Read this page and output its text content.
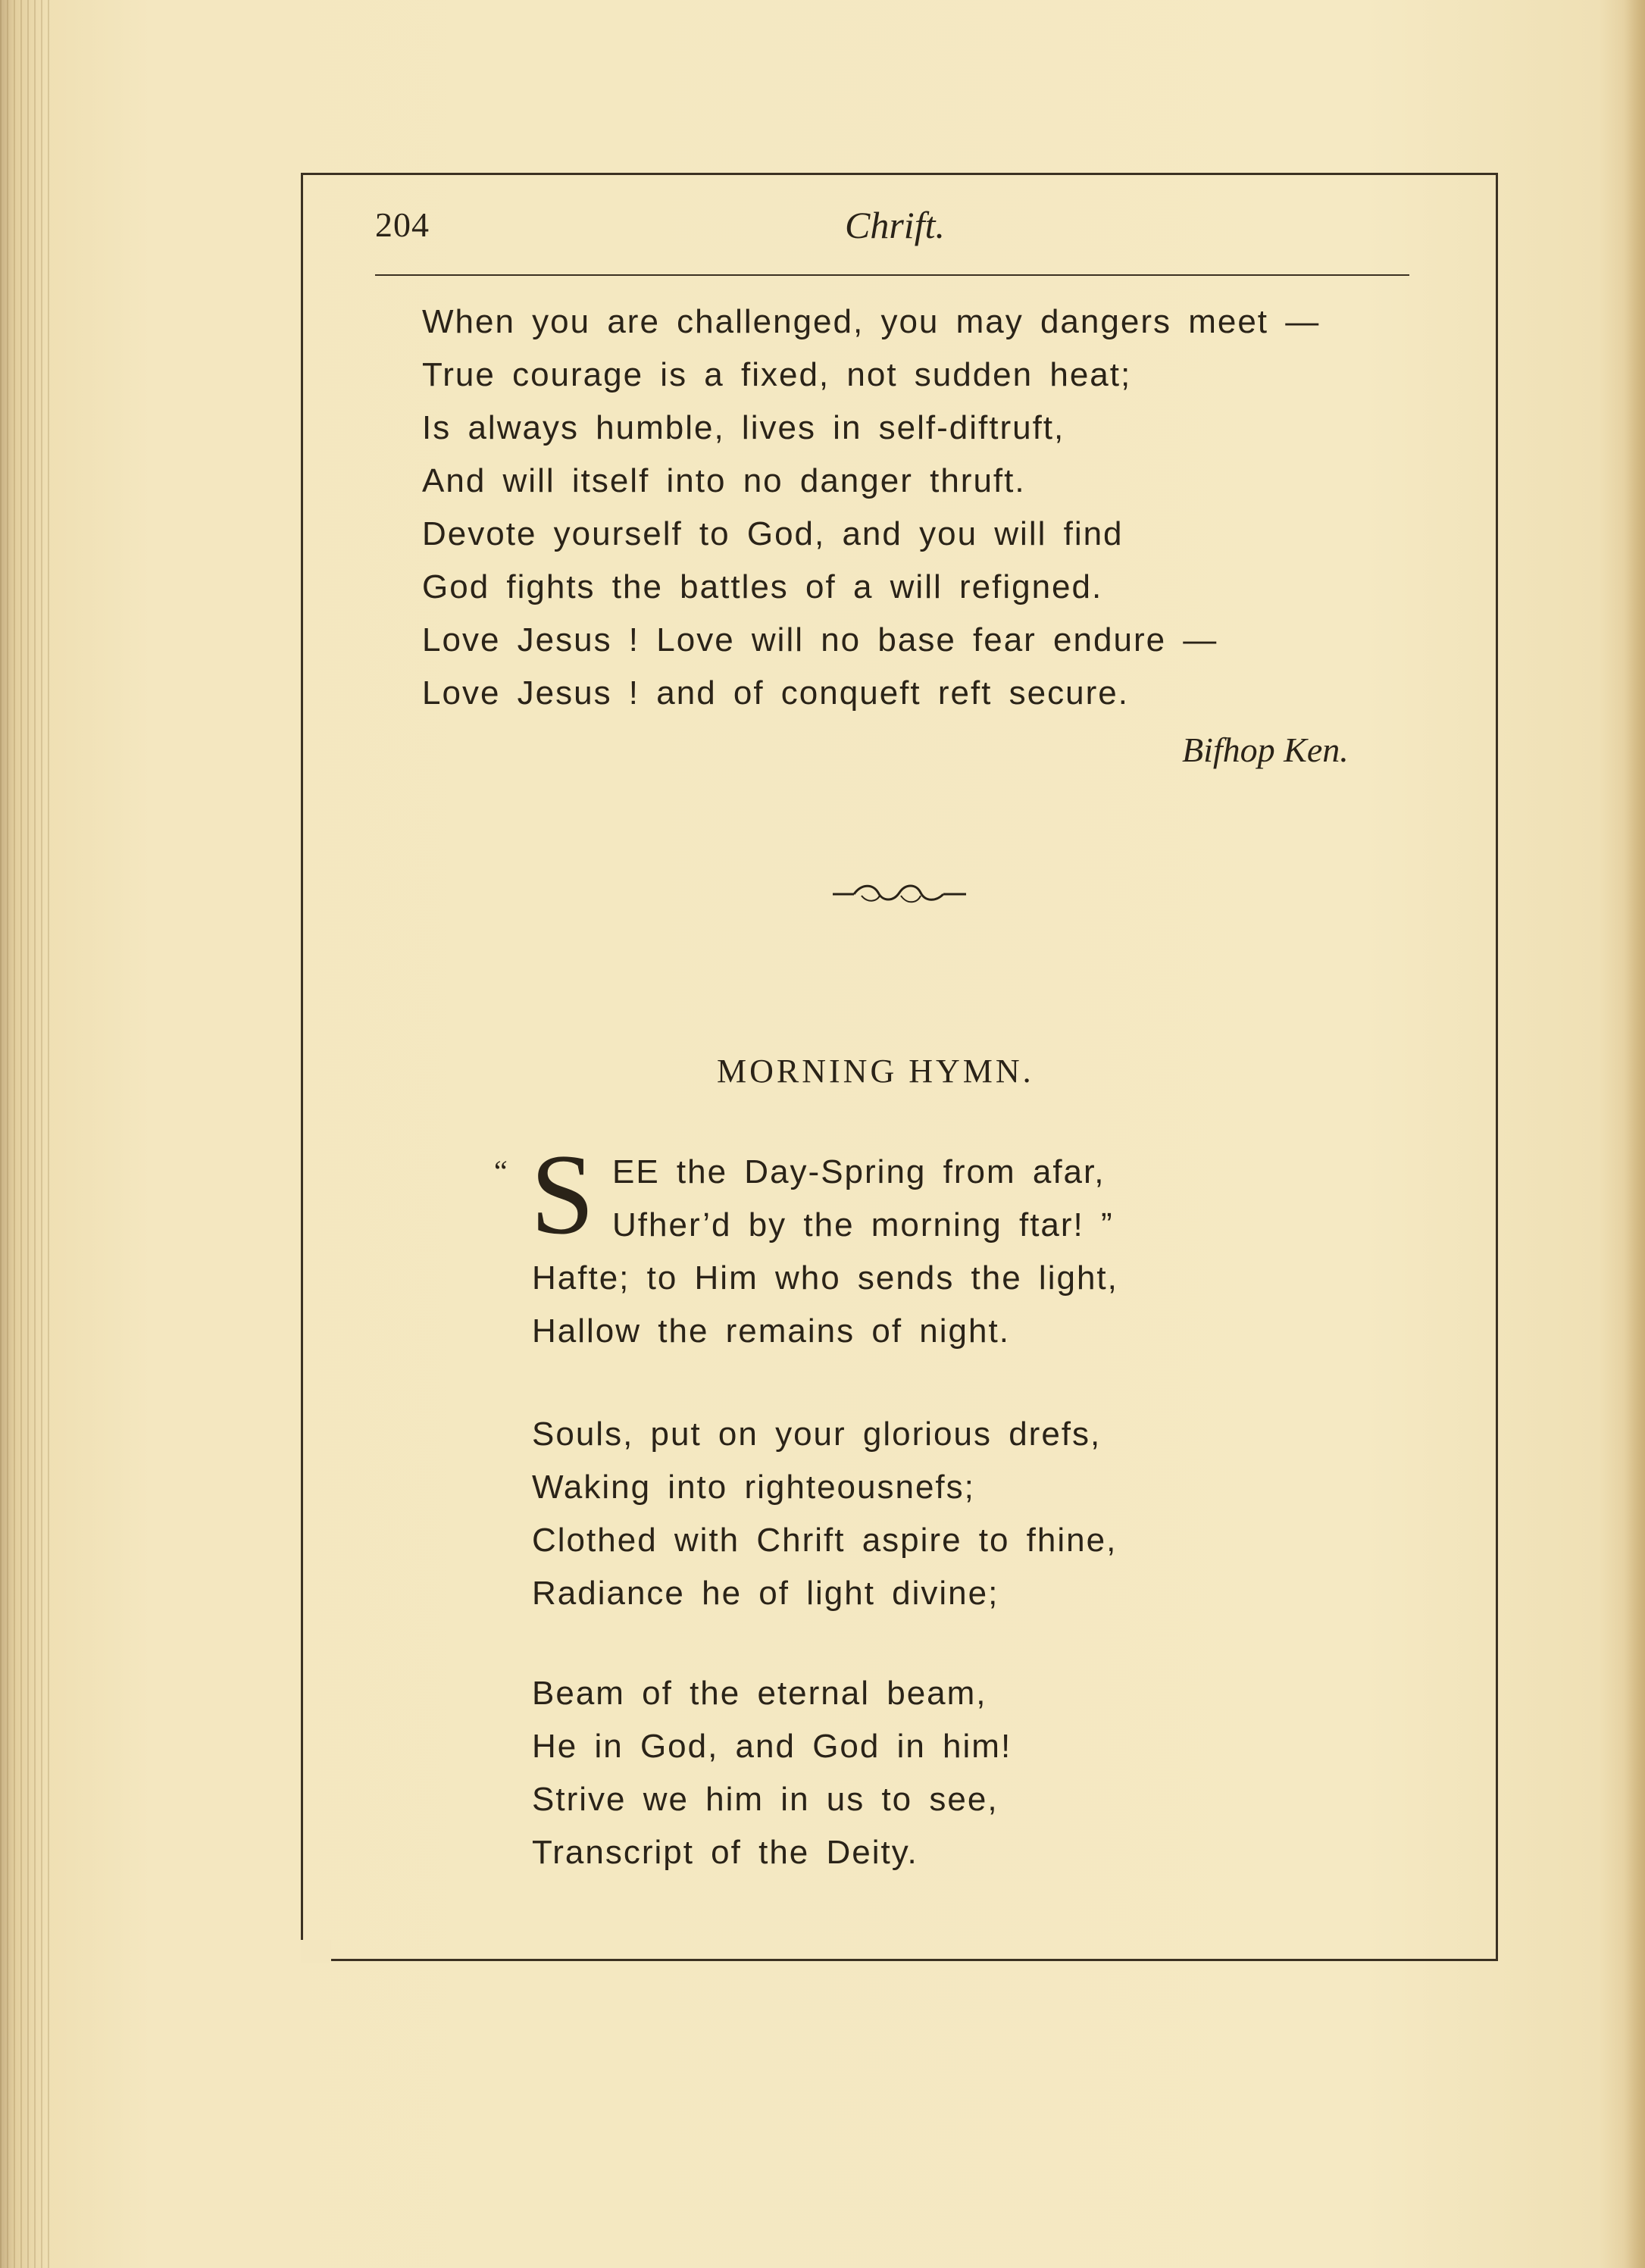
204	Chrift.
When you are challenged, you may dangers meet —
True courage is a fixed, not sudden heat;
Is always humble, lives in self-diftruft,
And will itself into no danger thruft.
Devote yourself to God, and you will find
God fights the battles of a will refigned.
Love Jesus ! Love will no base fear endure —
Love Jesus ! and of conqueft reft secure.
Bifhop Ken.
MORNING HYMN.
“ S EE the Day-Spring from afar,
Ufher’d by the morning ftar! ”
Hafte; to Him who sends the light,
Hallow the remains of night.
Souls, put on your glorious drefs,
Waking into righteousnefs;
Clothed with Chrift aspire to fhine,
Radiance he of light divine;
Beam of the eternal beam,
He in God, and God in him!
Strive we him in us to see,
Transcript of the Deity.
